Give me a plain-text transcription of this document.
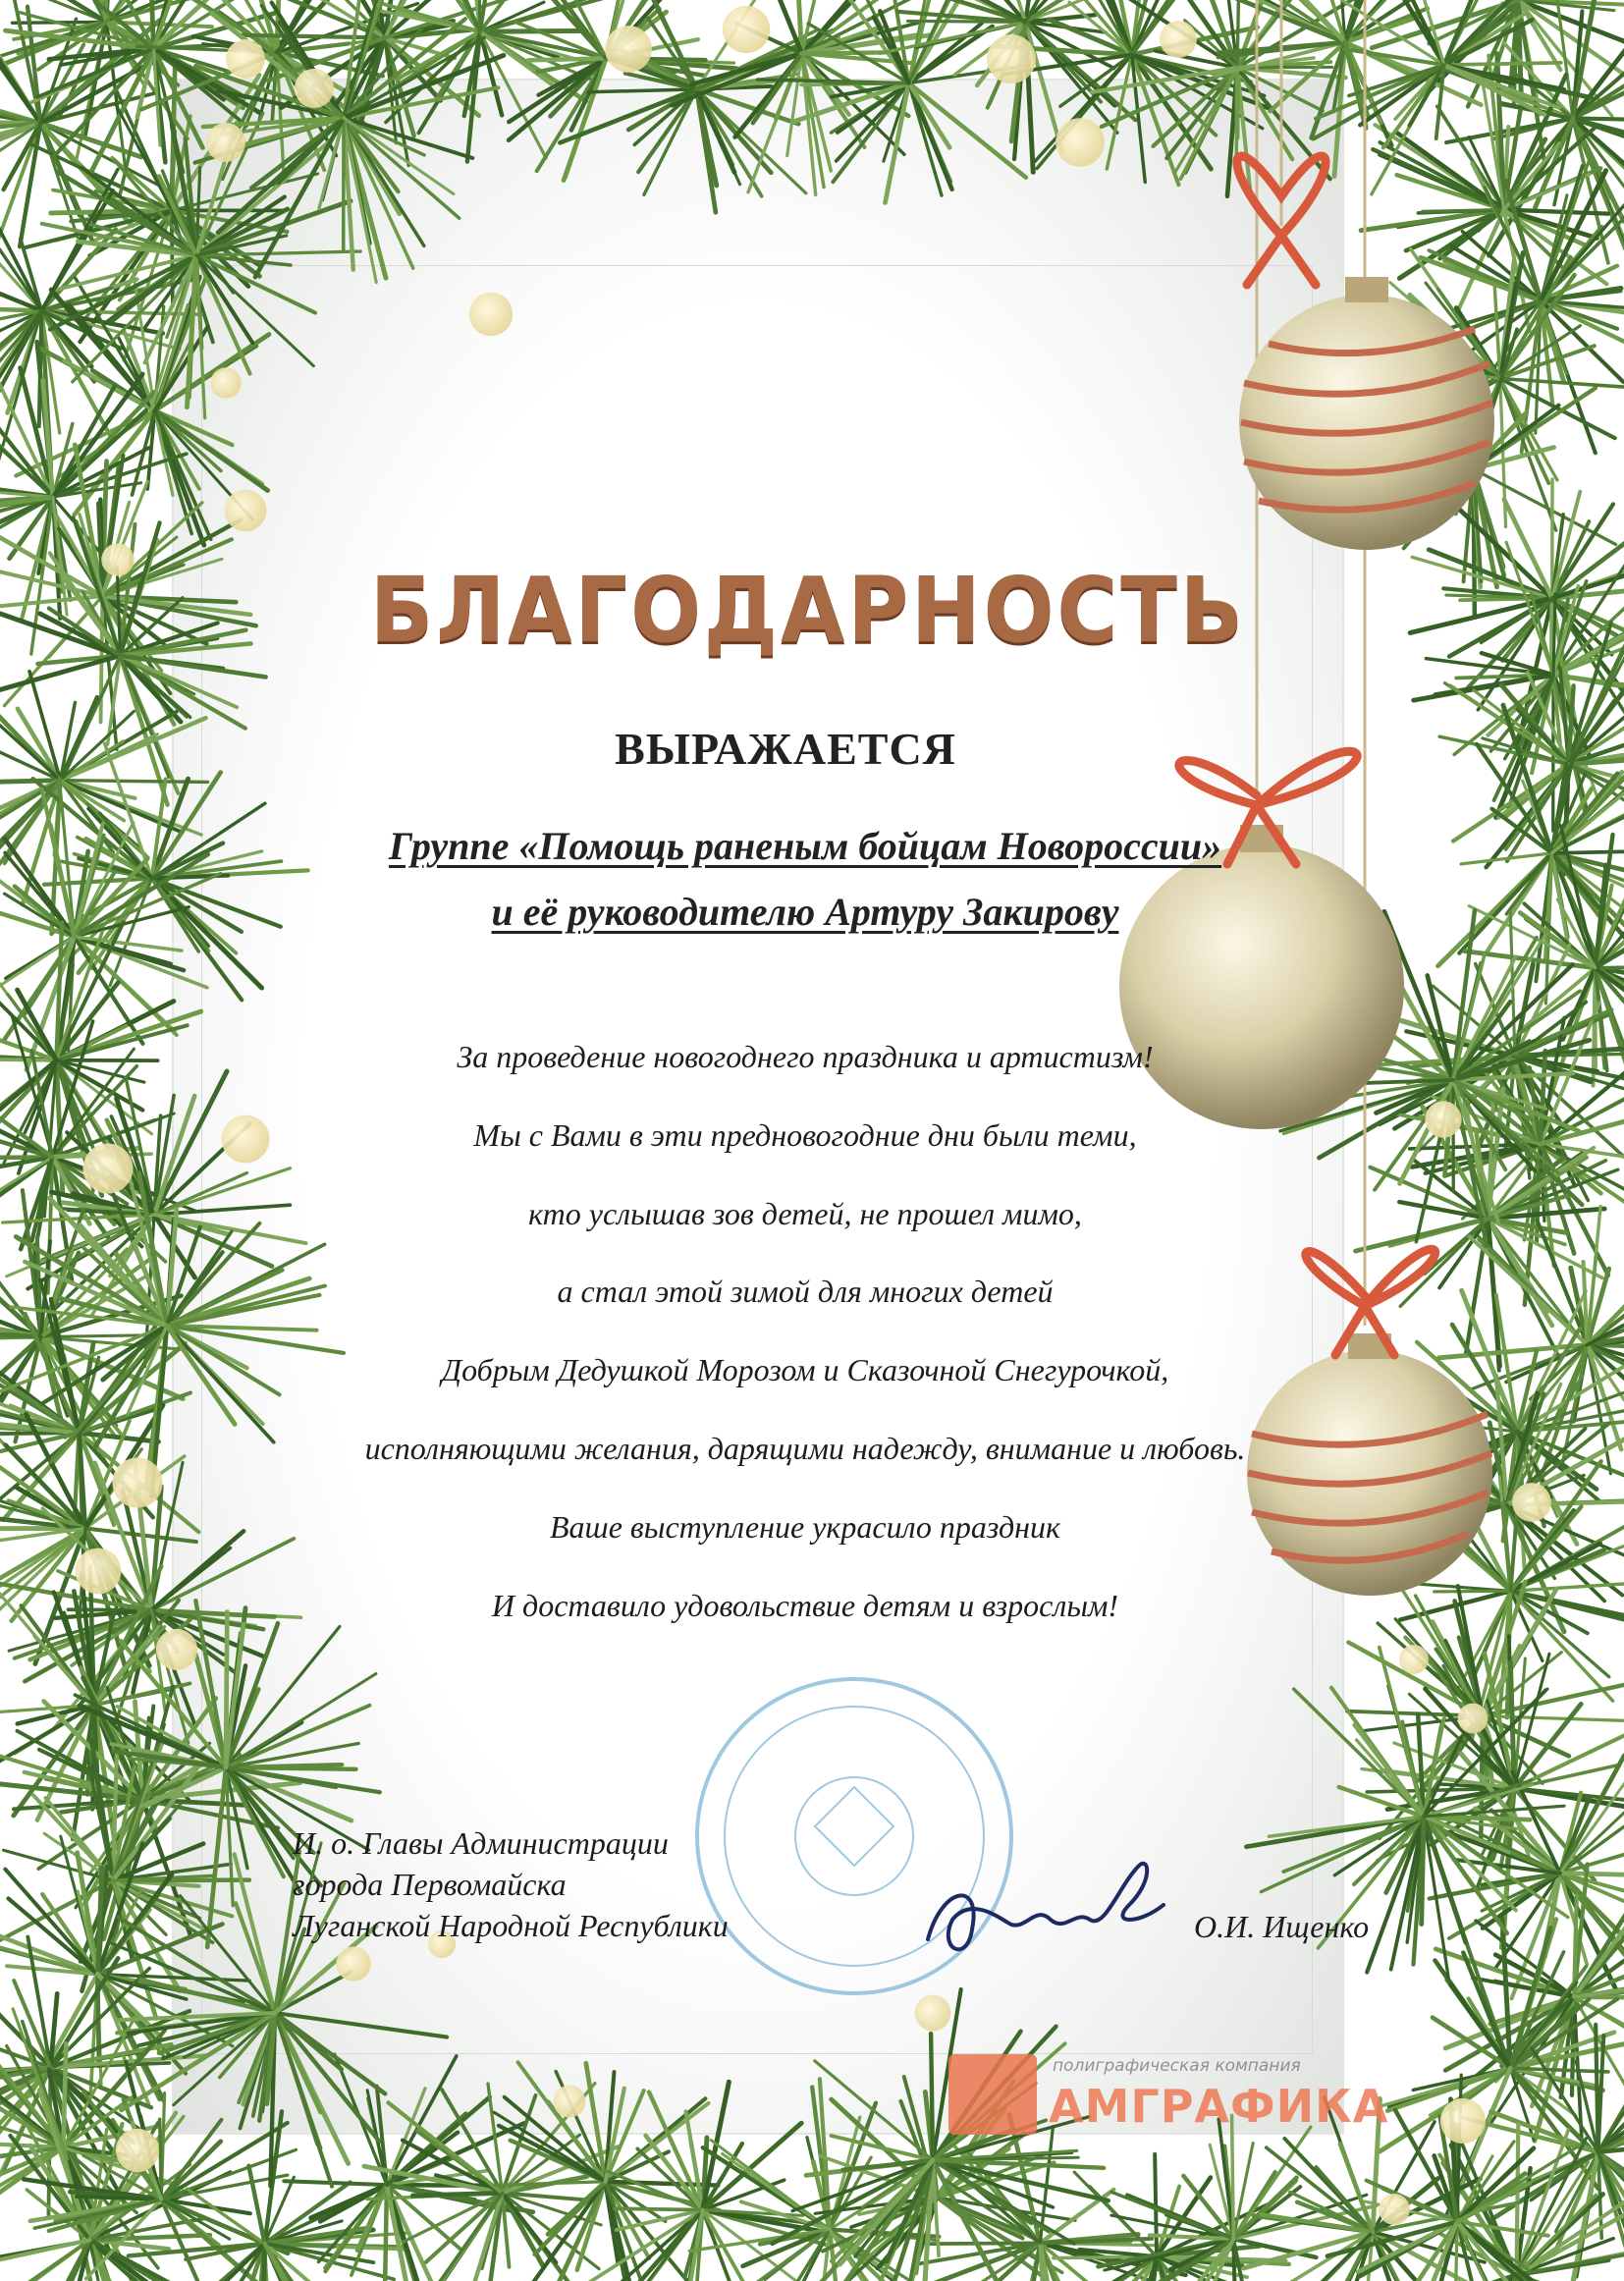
БЛАГОДАРНОСТЬ
ВЫРАЖАЕТСЯ
Группе «Помощь раненым бойцам Новороссии»
и её руководителю Артуру Закирову
За проведение новогоднего праздника и артистизм!
Мы с Вами в эти предновогодние дни были теми,
кто услышав зов детей, не прошел мимо,
а стал этой зимой для многих детей
Добрым Дедушкой Морозом и Сказочной Снегурочкой,
исполняющими желания, дарящими надежду, внимание и любовь.
Ваше выступление украсило праздник
И доставило удовольствие детям и взрослым!
И. о. Главы Администрации
города Первомайска
Луганской Народной Республики	О.И. Ищенко
полиграфическая компания
АМГРАФИКА
